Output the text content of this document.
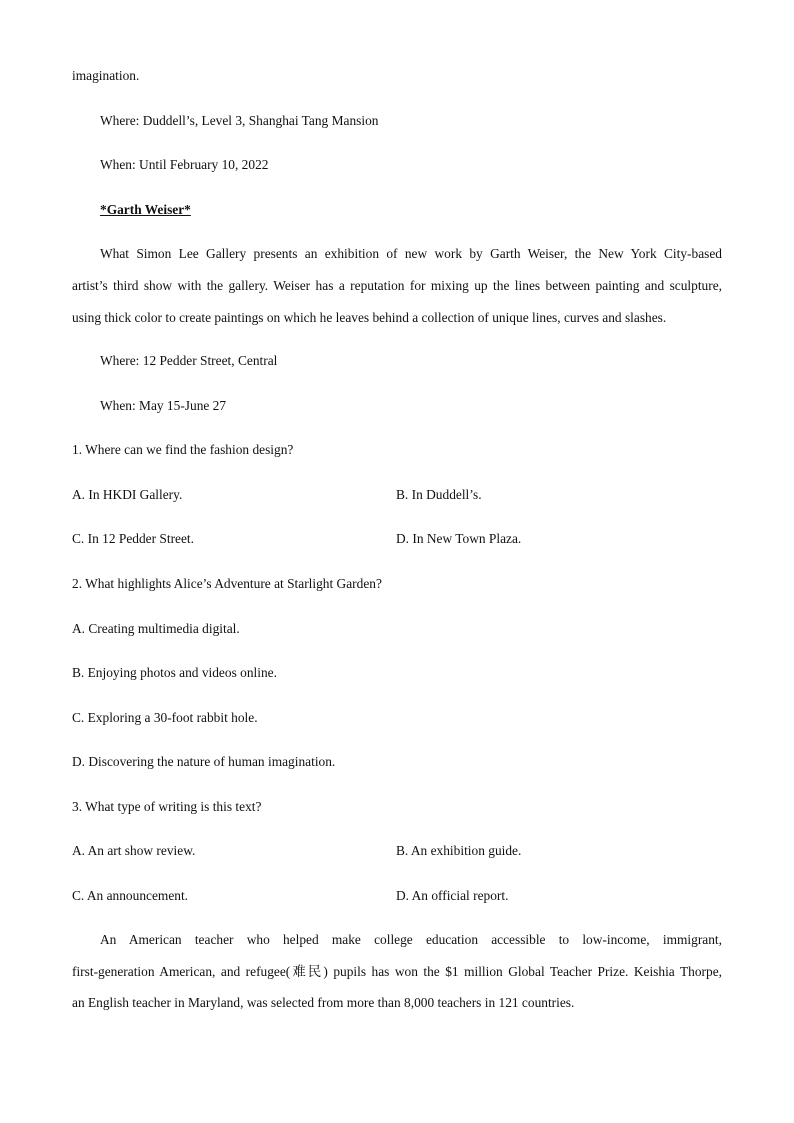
imagination.
Where: Duddell’s, Level 3, Shanghai Tang Mansion
When: Until February 10, 2022
*Garth Weiser*
What Simon Lee Gallery presents an exhibition of new work by Garth Weiser, the New York City-based
artist’s third show with the gallery. Weiser has a reputation for mixing up the lines between painting and sculpture,
using thick color to create paintings on which he leaves behind a collection of unique lines, curves and slashes.
Where: 12 Pedder Street, Central
When: May 15-June 27
1. Where can we find the fashion design?
A. In HKDI Gallery.	B. In Duddell’s.
C. In 12 Pedder Street.	D. In New Town Plaza.
2. What highlights Alice’s Adventure at Starlight Garden?
A. Creating multimedia digital.
B. Enjoying photos and videos online.
C. Exploring a 30-foot rabbit hole.
D. Discovering the nature of human imagination.
3. What type of writing is this text?
A. An art show review.	B. An exhibition guide.
C. An announcement.	D. An official report.
An American teacher who helped make college education accessible to low-income, immigrant,
first-generation American, and refugee(难民) pupils has won the $1 million Global Teacher Prize. Keishia Thorpe,
an English teacher in Maryland, was selected from more than 8,000 teachers in 121 countries.
